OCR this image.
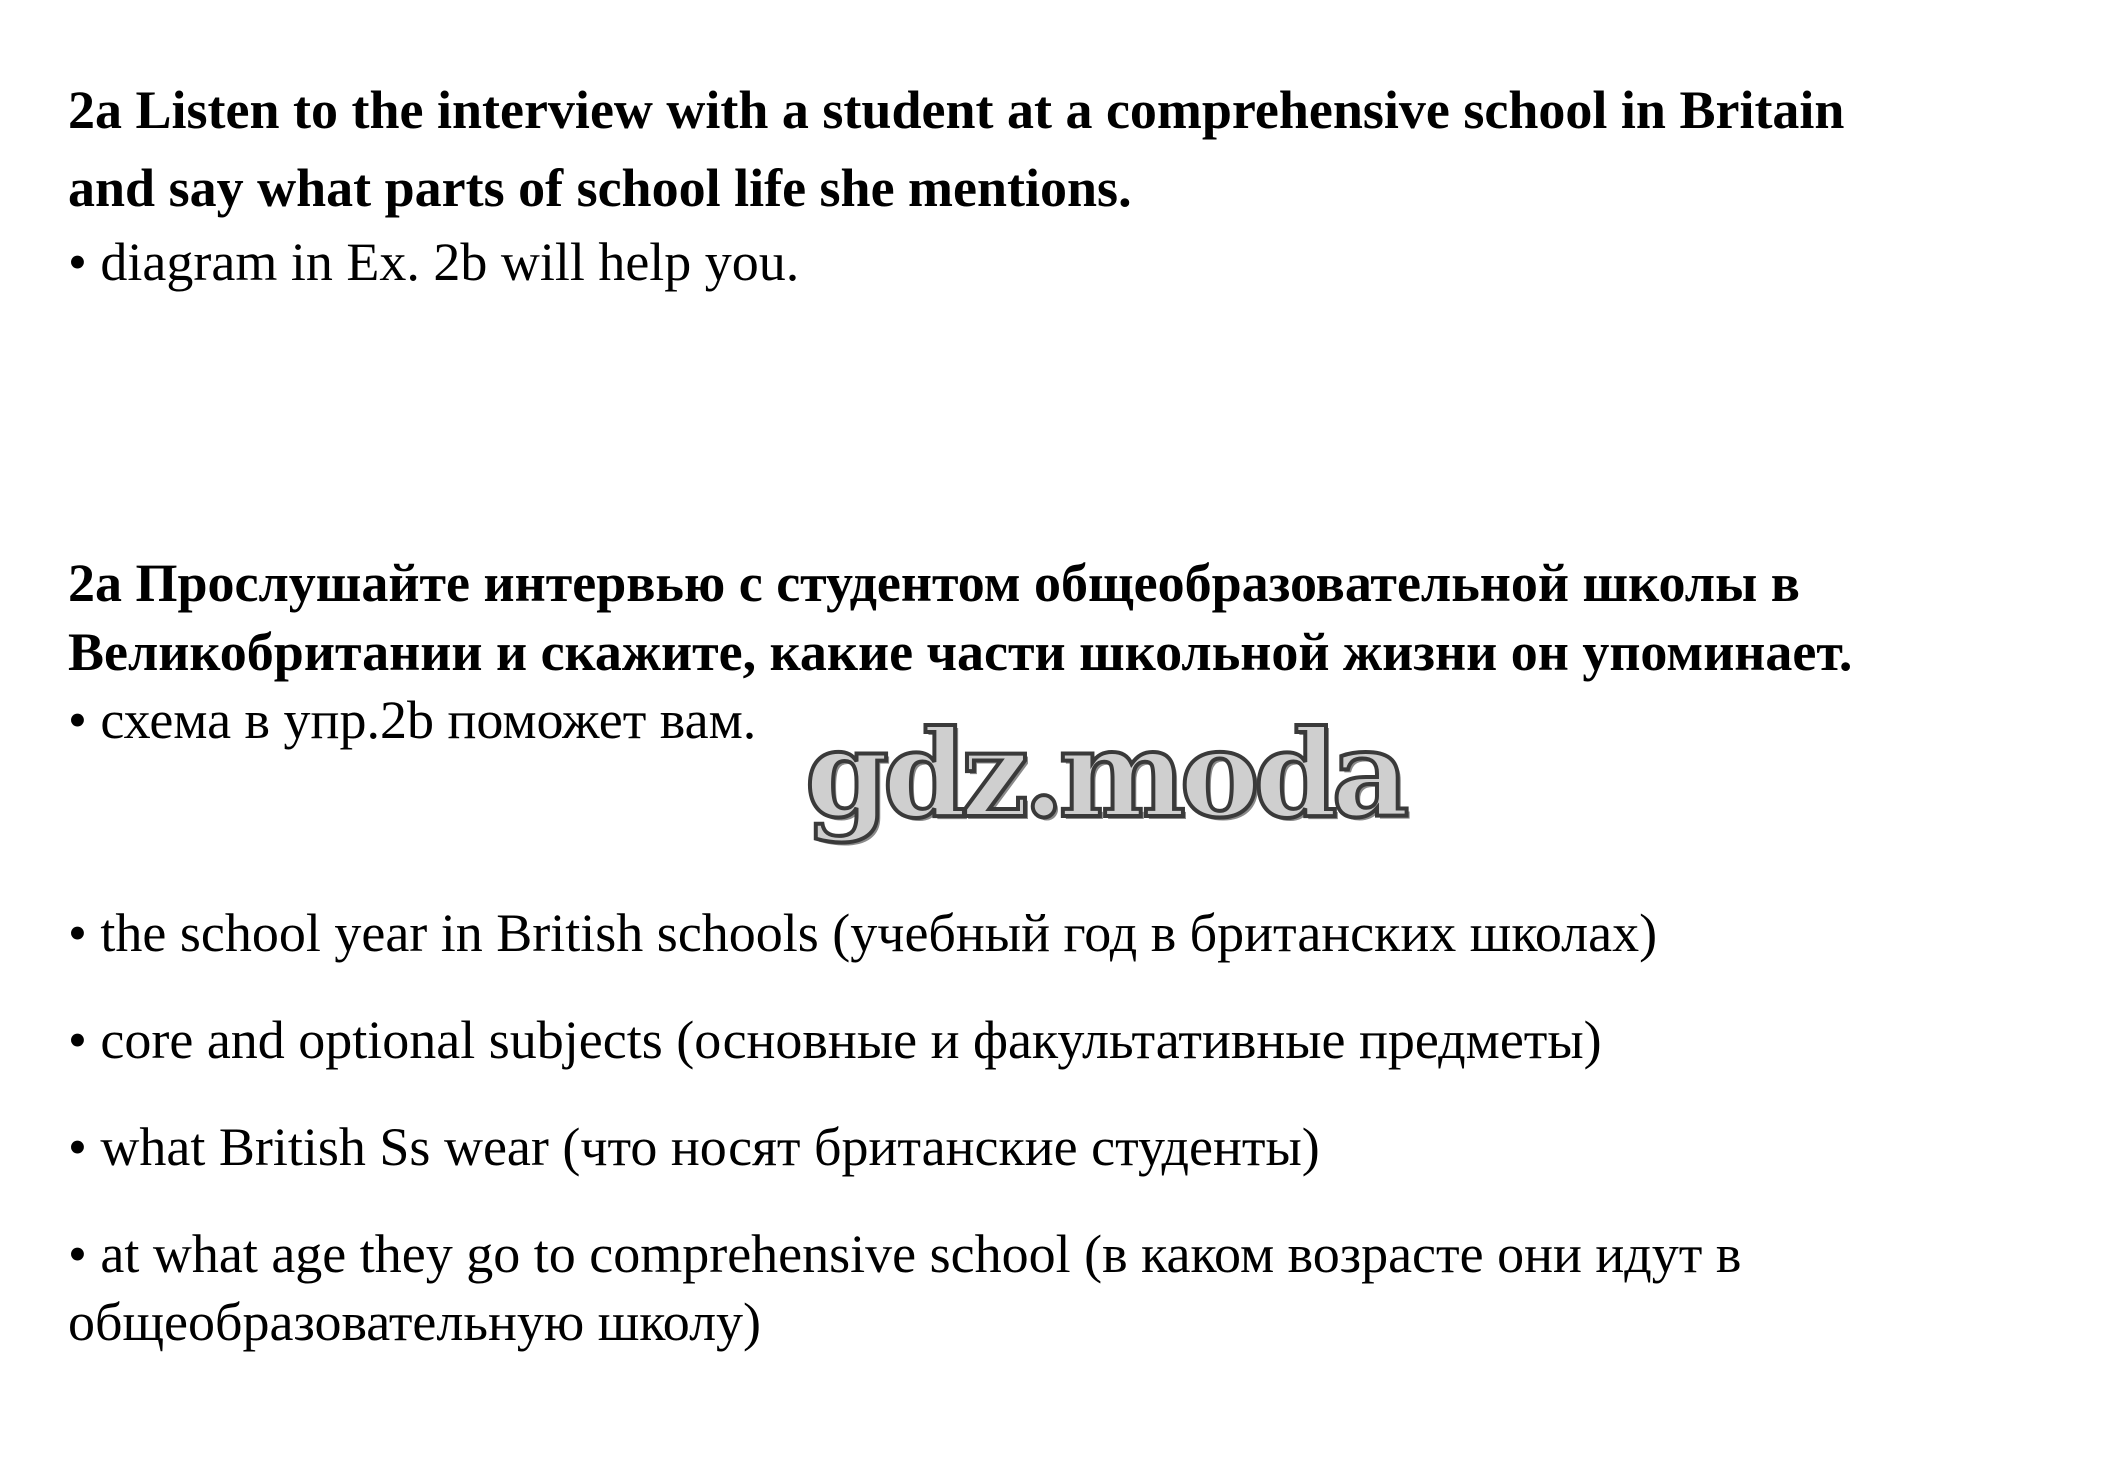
2a Listen to the interview with a student at a comprehensive school in Britain
and say what parts of school life she mentions.
• diagram in Ex. 2b will help you.
2а Прослушайте интервью с студентом общеобразовательной школы в
Великобритании и скажите, какие части школьной жизни он упоминает.
• схема в упр.2b поможет вам. gdz.moda
• the school year in British schools (учебный год в британских школах)
• core and optional subjects (основные и факультативные предметы)
• what British Ss wear (что носят британские студенты)
• at what age they go to comprehensive school (в каком возрасте они идут в
общеобразовательную школу)
